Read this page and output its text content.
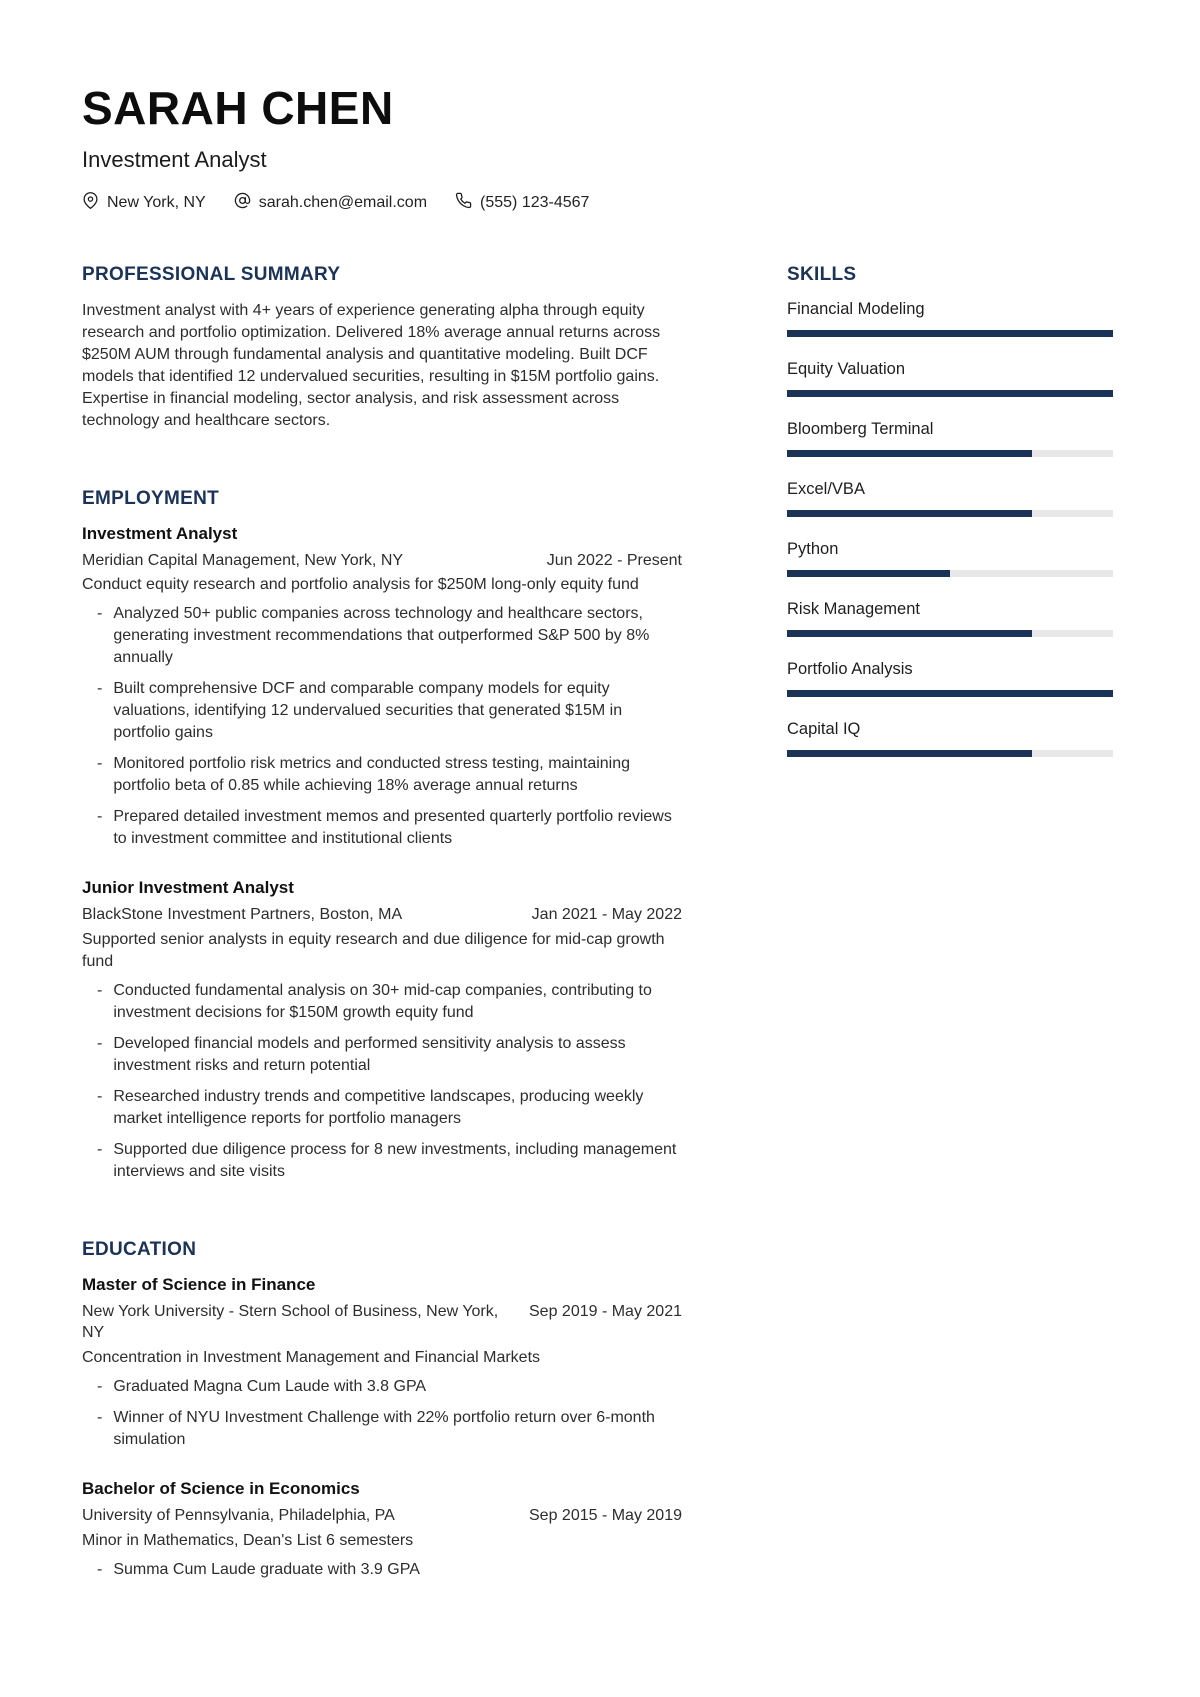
SARAH CHEN
Investment Analyst
New York, NY	sarah.chen@email.com	(555) 123-4567
PROFESSIONAL SUMMARY

Investment analyst with 4+ years of experience generating alpha through equity research and portfolio optimization. Delivered 18% average annual returns across $250M AUM through fundamental analysis and quantitative modeling. Built DCF models that identified 12 undervalued securities, resulting in $15M portfolio gains. Expertise in financial modeling, sector analysis, and risk assessment across technology and healthcare sectors.

EMPLOYMENT
Investment Analyst
Meridian Capital Management, New York, NY	Jun 2022 - Present
Conduct equity research and portfolio analysis for $250M long-only equity fund
- Analyzed 50+ public companies across technology and healthcare sectors, generating investment recommendations that outperformed S&P 500 by 8% annually
- Built comprehensive DCF and comparable company models for equity valuations, identifying 12 undervalued securities that generated $15M in portfolio gains
- Monitored portfolio risk metrics and conducted stress testing, maintaining portfolio beta of 0.85 while achieving 18% average annual returns
- Prepared detailed investment memos and presented quarterly portfolio reviews to investment committee and institutional clients
Junior Investment Analyst
BlackStone Investment Partners, Boston, MA	Jan 2021 - May 2022
Supported senior analysts in equity research and due diligence for mid-cap growth fund
- Conducted fundamental analysis on 30+ mid-cap companies, contributing to investment decisions for $150M growth equity fund
- Developed financial models and performed sensitivity analysis to assess investment risks and return potential
- Researched industry trends and competitive landscapes, producing weekly market intelligence reports for portfolio managers
- Supported due diligence process for 8 new investments, including management interviews and site visits
EDUCATION
Master of Science in Finance
New York University - Stern School of Business, New York, NY
Sep 2019 - May 2021
Concentration in Investment Management and Financial Markets
- Graduated Magna Cum Laude with 3.8 GPA
- Winner of NYU Investment Challenge with 22% portfolio return over 6-month simulation
Bachelor of Science in Economics
University of Pennsylvania, Philadelphia, PA	Sep 2015 - May 2019
Minor in Mathematics, Dean's List 6 semesters
- Summa Cum Laude graduate with 3.9 GPA
SKILLS
Financial Modeling
Equity Valuation
Bloomberg Terminal
Excel/VBA
Python
Risk Management
Portfolio Analysis
Capital IQ
